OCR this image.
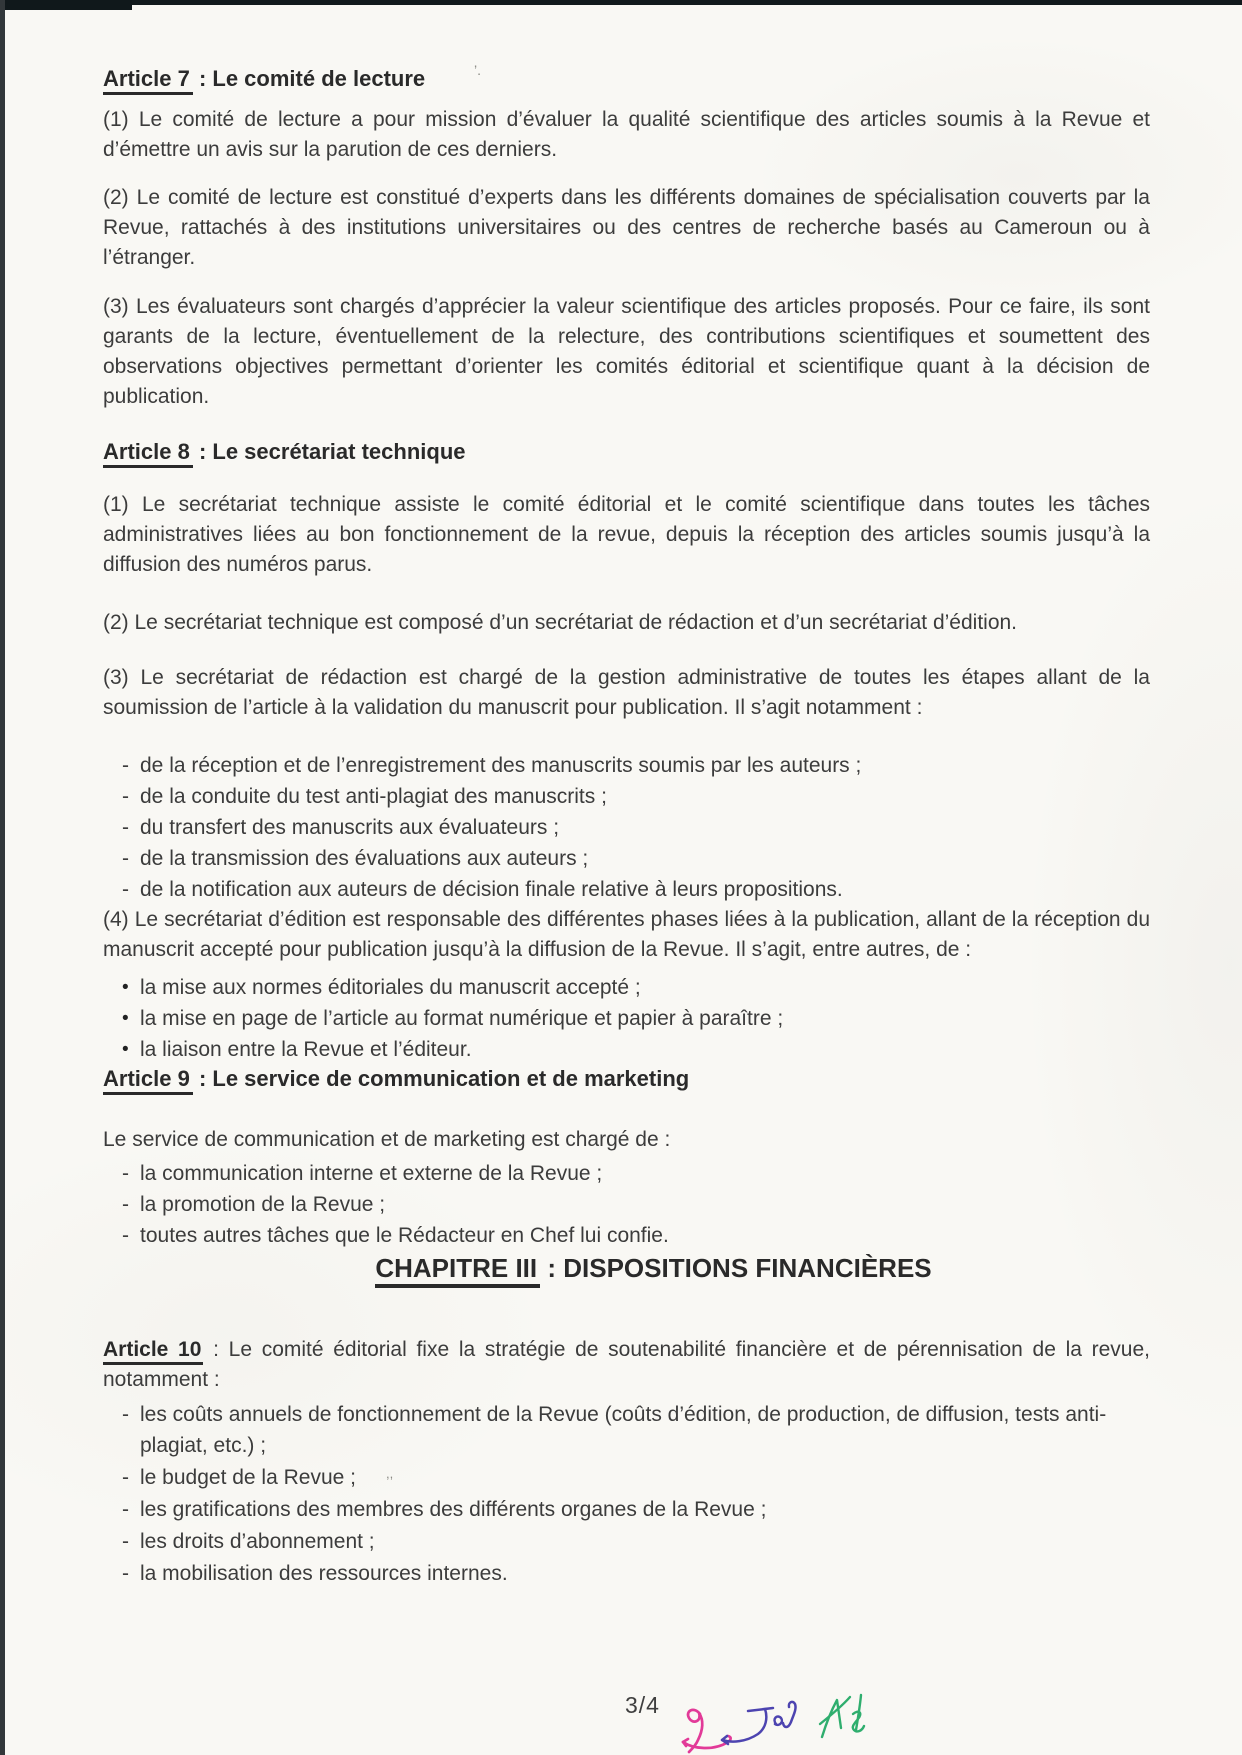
’.
,,
Article 7 : Le comité de lecture

(1) Le comité de lecture a pour mission d’évaluer la qualité scientifique des articles soumis à la Revue et d’émettre un avis sur la parution de ces derniers.

(2) Le comité de lecture est constitué d’experts dans les différents domaines de spécialisation couverts par la Revue, rattachés à des institutions universitaires ou des centres de recherche basés au Cameroun ou à l’étranger.

(3) Les évaluateurs sont chargés d’apprécier la valeur scientifique des articles proposés. Pour ce faire, ils sont garants de la lecture, éventuellement de la relecture, des contributions scientifiques et soumettent des observations objectives permettant d’orienter les comités éditorial et scientifique quant à la décision de publication.

Article 8 : Le secrétariat technique

(1) Le secrétariat technique assiste le comité éditorial et le comité scientifique dans toutes les tâches administratives liées au bon fonctionnement de la revue, depuis la réception des articles soumis jusqu’à la diffusion des numéros parus.

(2) Le secrétariat technique est composé d’un secrétariat de rédaction et d’un secrétariat d’édition.

(3) Le secrétariat de rédaction est chargé de la gestion administrative de toutes les étapes allant de la soumission de l’article à la validation du manuscrit pour publication. Il s’agit notamment :

- de la réception et de l’enregistrement des manuscrits soumis par les auteurs ;
- de la conduite du test anti-plagiat des manuscrits ;
- du transfert des manuscrits aux évaluateurs ;
- de la transmission des évaluations aux auteurs ;
- de la notification aux auteurs de décision finale relative à leurs propositions.

(4) Le secrétariat d’édition est responsable des différentes phases liées à la publication, allant de la réception du manuscrit accepté pour publication jusqu’à la diffusion de la Revue. Il s’agit, entre autres, de :

• la mise aux normes éditoriales du manuscrit accepté ;
• la mise en page de l’article au format numérique et papier à paraître ;
• la liaison entre la Revue et l’éditeur.
Article 9 : Le service de communication et de marketing

Le service de communication et de marketing est chargé de :

- la communication interne et externe de la Revue ;
- la promotion de la Revue ;
- toutes autres tâches que le Rédacteur en Chef lui confie.
CHAPITRE III : DISPOSITIONS FINANCIÈRES

Article 10 : Le comité éditorial fixe la stratégie de soutenabilité financière et de pérennisation de la revue, notamment :

- les coûts annuels de fonctionnement de la Revue (coûts d’édition, de production, de diffusion, tests anti-plagiat, etc.) ;
- le budget de la Revue ;
- les gratifications des membres des différents organes de la Revue ;
- les droits d’abonnement ;
- la mobilisation des ressources internes.
3/4
